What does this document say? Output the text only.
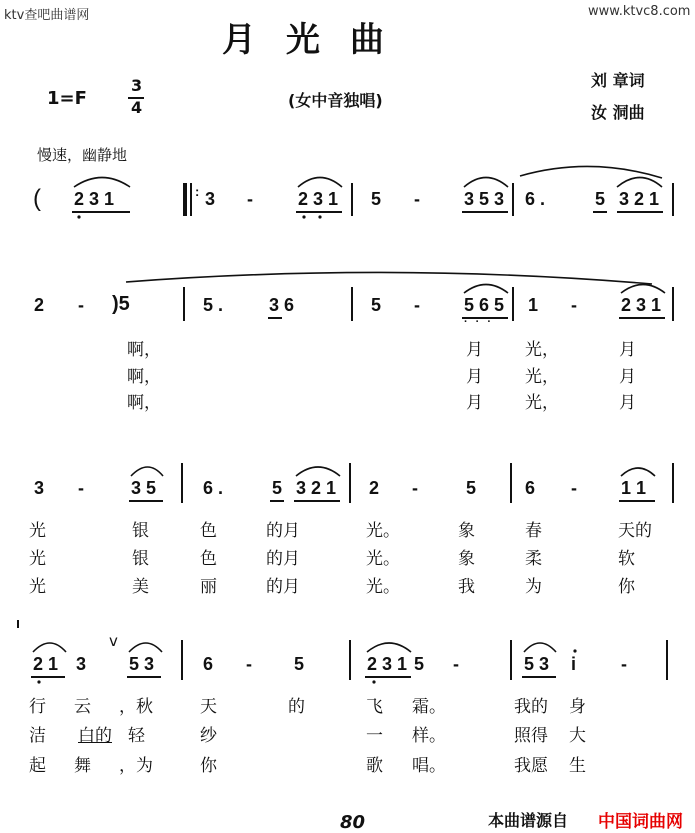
ktv查吧曲谱网	www.ktvc8.com
月光曲
1=F
3
4	(女中音独唱)
刘 章词
汝 洞曲
慢速，幽静地
( 2 3 1	: 3 -	2 3 1 5 - 3 5 3 6 .	5 3 2 1
2 - )5	5 .	3 6	5 - 5 6 5
···
1 - 2 3 1
啊，	月 光，	月
啊，	月 光，	月
啊，	月 光，	月
3 -	3 5	6 .	5 3 2 1 2 -	5	6 - 1 1
光	银	色	的月	光。	象	春	天的
光	银	色	的月	光。	象	柔	软
光	美	丽	的月	光。	我	为	你
2 1 3
v
5 3	6 - 5	2 3 1 5 -	5 3 i -
行 云 ，秋	天	的	飞 霜。	我的 身
洁 白的 轻	纱	一 样。	照得 大
起 舞 ，为	你	歌 唱。	我愿 生
80	本曲谱源自 中国词曲网
